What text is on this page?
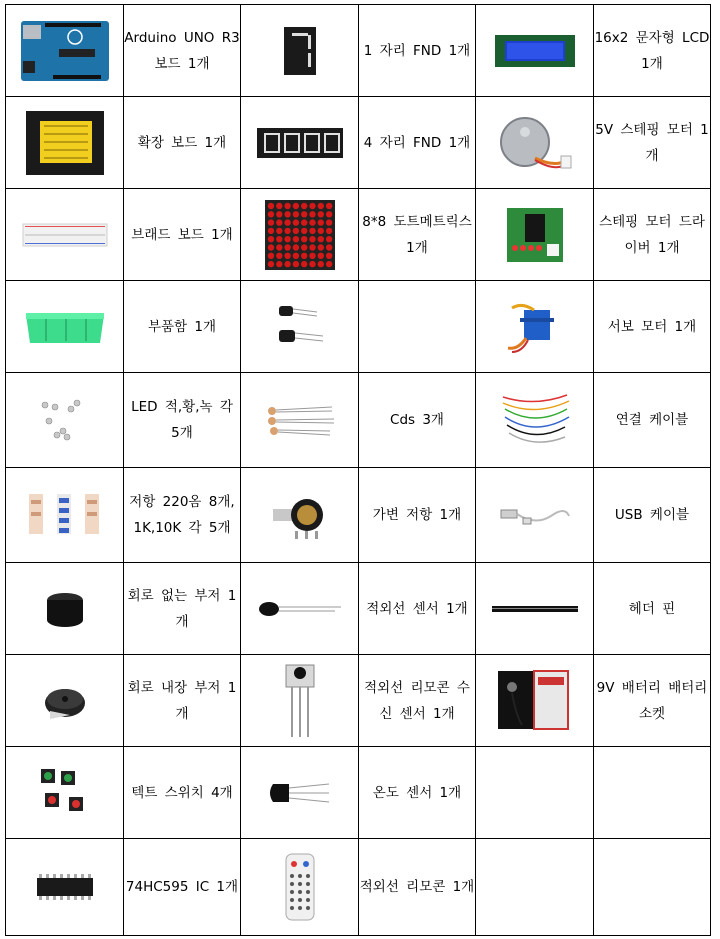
	Arduino UNO R3 보드 1개		1 자리 FND 1개		16x2 문자형 LCD 1개

	확장 보드 1개		4 자리 FND 1개		5V 스테핑 모터 1개

	브래드 보드 1개		8*8 도트메트릭스 1개		스테핑 모터 드라이버 1개

	부품함 1개				서보 모터 1개

	LED 적,황,녹 각 5개		Cds 3개		연결 케이블

	저항 220옴 8개, 1K,10K 각 5개		가변 저항 1개		USB 케이블

	회로 없는 부저 1개		적외선 센서 1개		헤더 핀

	회로 내장 부저 1개		적외선 리모콘 수신 센서 1개		9V 배터리 배터리 소켓

	텍트 스위치 4개		온도 센서 1개		

	74HC595 IC 1개		적외선 리모콘 1개		
